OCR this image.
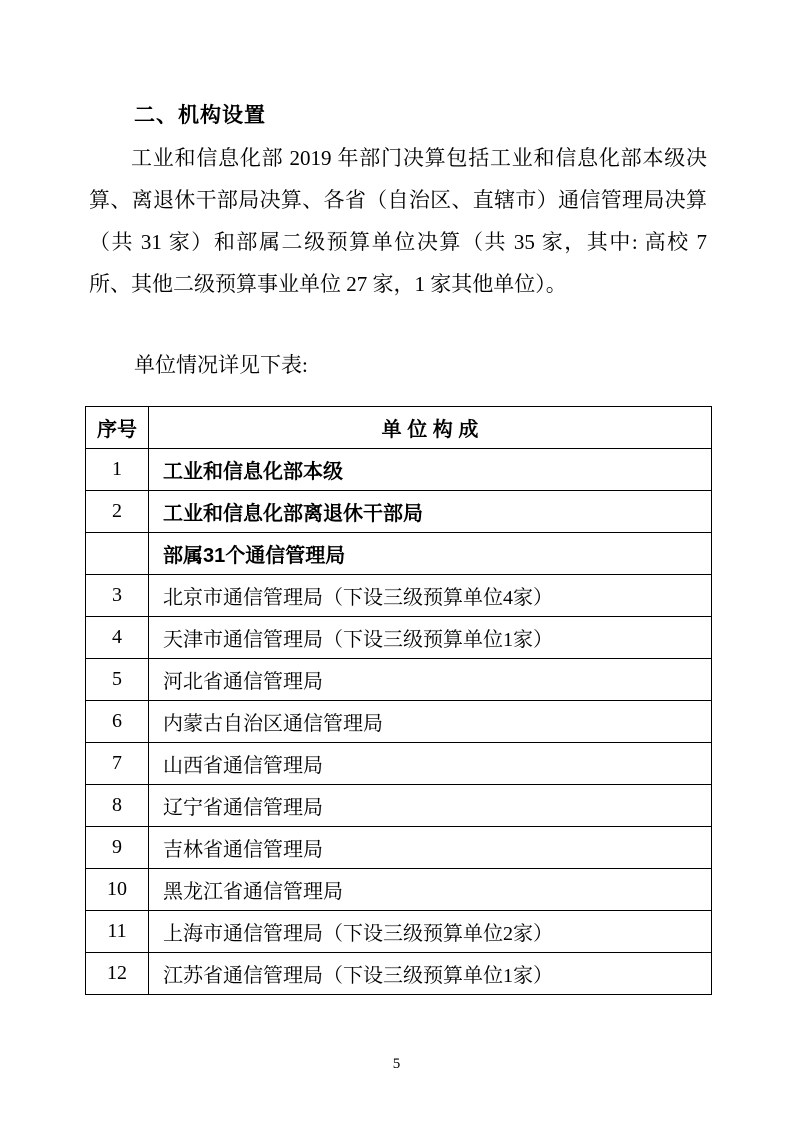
二、机构设置
工业和信息化部 2019 年部门决算包括工业和信息化部本级决算、离退休干部局决算、各省（自治区、直辖市）通信管理局决算（共 31 家）和部属二级预算单位决算（共 35 家，其中: 高校 7 所、其他二级预算事业单位 27 家，1 家其他单位）。
单位情况详见下表:
序号	单 位 构 成
1	工业和信息化部本级
2	工业和信息化部离退休干部局
	部属31个通信管理局
3	北京市通信管理局（下设三级预算单位4家）
4	天津市通信管理局（下设三级预算单位1家）
5	河北省通信管理局
6	内蒙古自治区通信管理局
7	山西省通信管理局
8	辽宁省通信管理局
9	吉林省通信管理局
10	黑龙江省通信管理局
11	上海市通信管理局（下设三级预算单位2家）
12	江苏省通信管理局（下设三级预算单位1家）
5
